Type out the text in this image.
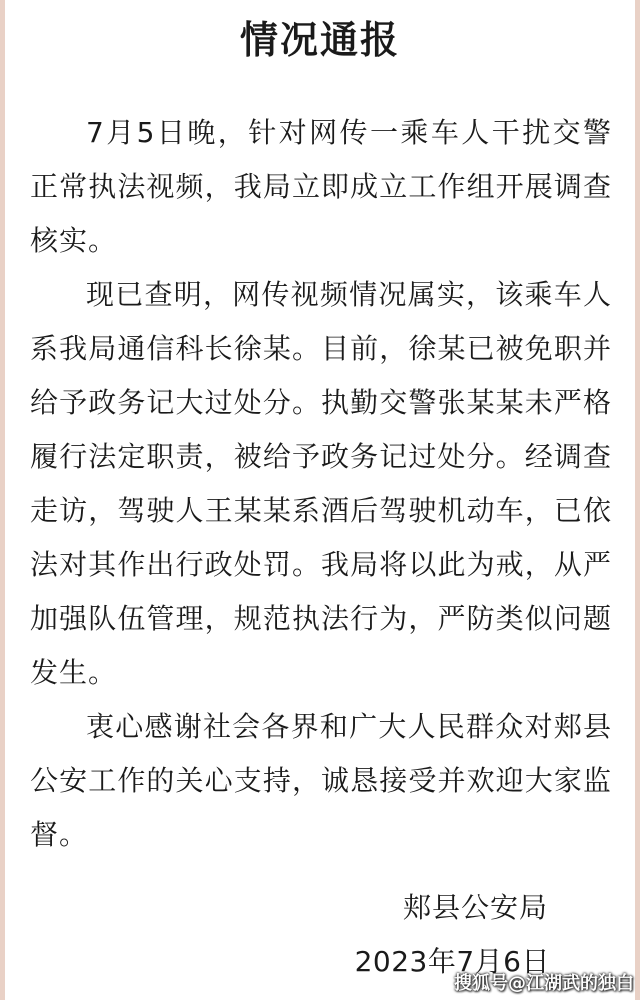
情况通报

7月5日晚，针对网传一乘车人干扰交警正常执法视频，我局立即成立工作组开展调查核实。

现已查明，网传视频情况属实，该乘车人系我局通信科长徐某。目前，徐某已被免职并给予政务记大过处分。执勤交警张某某未严格履行法定职责，被给予政务记过处分。经调查走访，驾驶人王某某系酒后驾驶机动车，已依法对其作出行政处罚。我局将以此为戒，从严加强队伍管理，规范执法行为，严防类似问题发生。

衷心感谢社会各界和广大人民群众对郏县公安工作的关心支持，诚恳接受并欢迎大家监督。

郏县公安局
2023年7月6日
搜狐号@江湖武的独白
